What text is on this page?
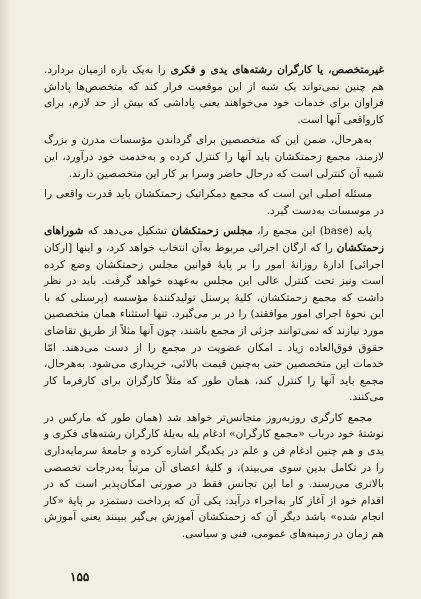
غیرمتخصص، یا کارگران رشته‌های یدی و فکری را به‌یک باره ازمیان بردارد. هم چنین نمی‌تواند یک شبه از این موقعیت فرار کند که متخصص‌ها پاداش فراوان برای خدمات خود می‌خواهند یعنی پاداشی که بیش از حد لازم، برای کارواقعی آنها است.

به‌هرحال، ضمن این که متخصصین برای گرداندن مؤسسات مدرن و بزرگ لازمند، مجمع زحمتکشان باید آنها را کنترل کرده و به‌خدمت خود درآورد، این شبیه آن کنترلی است که درحال حاضر وسرا بر کار این متخصصین دارند.

مسئله اصلی این است که مجمع دمکراتیک زحمتکشان باید قدرت واقعی را در موسسات به‌دست گیرد.

پایه (base) این مجمع را، مجلس زحمتکشان تشکیل می‌دهد که شوراهای زحمتکشان را که ارگان اجرائی مربوط به‌آن انتخاب خواهد کرد، و اینها [ارکان اجرائی] ادارهٔ روزانهٔ امور را بر پایهٔ قوانین مجلس زحمتکشان وضع کرده است ونیز تحت کنترل عالی این مجلس به‌عهده خواهد گرفت. باید در نظر داشت که مجمع زحمتکشان، کلیهٔ پرسنل تولیدکنندهٔ مؤسسه (پرسنلی که با این نحوهٔ اجرای امور موافقند) را در بر می‌گیرد. تنها استثناء همان متخصصین مورد نیازند که نمی‌توانند جزئی از مجمع باشند، چون آنها مثلاً از طریق تقاضای حقوق فوق‌العاده زیاد ـ امکان عضویت در مجمع را از دست می‌دهند. امّا خدمات این متخصصین حتی به‌چنین قیمت بالائی، خریداری می‌شود. به‌هرحال، مجمع باید آنها را کنترل کند، همان طور که مثلاً کارگران برای کارفرما کار می‌کنند.

مجمع کارگری روز‌به‌روز متجانس‌تر خواهد شد (همان طور که مارکس در نوشتهٔ خود درباب «مجمع کارگران» ادغام یله به‌یلهٔ کارگران رشته‌های فکری و یدی و هم چنین ادغام فن و علم در یکدیگر اشاره کرده و جامعهٔ سرمایه‌داری را در تکامل بدین سوی می‌بیند)، و کلیهٔ اعضای آن مرتباً به‌درجات تخصصی بالاتری می‌رسند. و اما این تجانس فقط در صورتی امکان‌پذیر است که در اقدام خود از آغاز کار به‌اجراء درآید: یکی آن که پرداخت دستمزد بر پایهٔ «کار انجام شده» باشد دیگر آن که زحمتکشان آموزش بی‌گیر ببینند یعنی آموزش هم زمان در زمینه‌های عمومی، فنی و سیاسی.

۱۵۵
